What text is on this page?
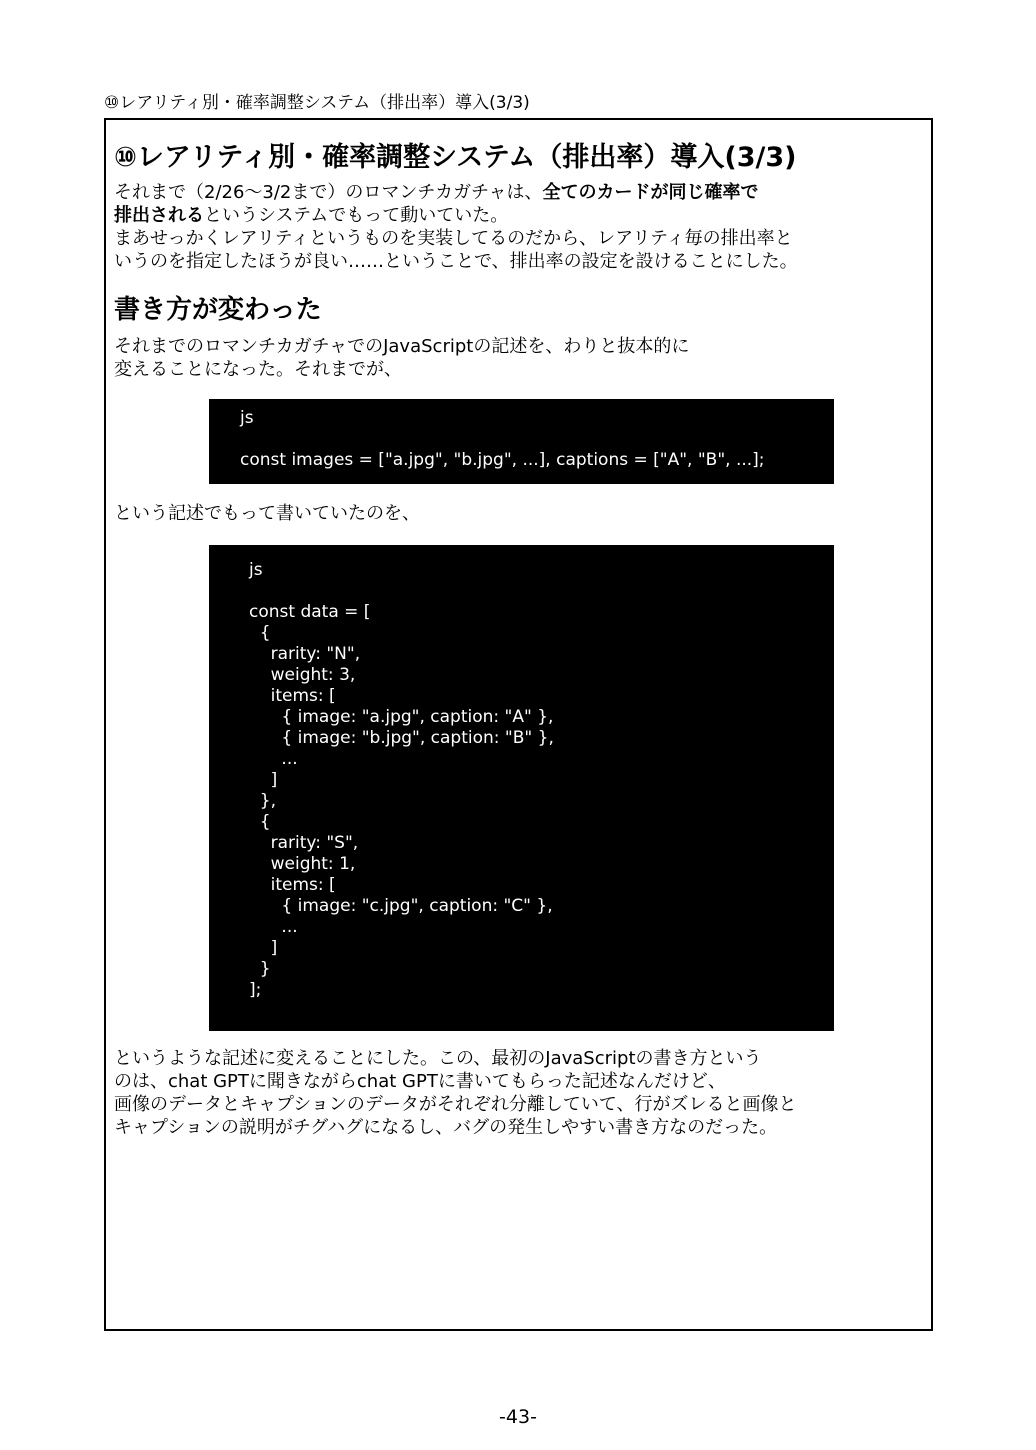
⑩レアリティ別・確率調整システム（排出率）導入(3/3)
⑩レアリティ別・確率調整システム（排出率）導入(3/3)
それまで（2/26〜3/2まで）のロマンチカガチャは、全てのカードが同じ確率で
排出されるというシステムでもって動いていた。
まあせっかくレアリティというものを実装してるのだから、レアリティ毎の排出率と
いうのを指定したほうが良い……ということで、排出率の設定を設けることにした。
書き方が変わった
それまでのロマンチカガチャでのJavaScriptの記述を、わりと抜本的に
変えることになった。それまでが、
js
const images = ["a.jpg", "b.jpg", ...], captions = ["A", "B", ...];
という記述でもって書いていたのを、
js
const data = [
{
rarity: "N",
weight: 3,
items: [
{ image: "a.jpg", caption: "A" },
{ image: "b.jpg", caption: "B" },
...
]
},
{
rarity: "S",
weight: 1,
items: [
{ image: "c.jpg", caption: "C" },
...
]
}
];
というような記述に変えることにした。この、最初のJavaScriptの書き方という
のは、chat GPTに聞きながらchat GPTに書いてもらった記述なんだけど、
画像のデータとキャプションのデータがそれぞれ分離していて、行がズレると画像と
キャプションの説明がチグハグになるし、バグの発生しやすい書き方なのだった。
-43-
